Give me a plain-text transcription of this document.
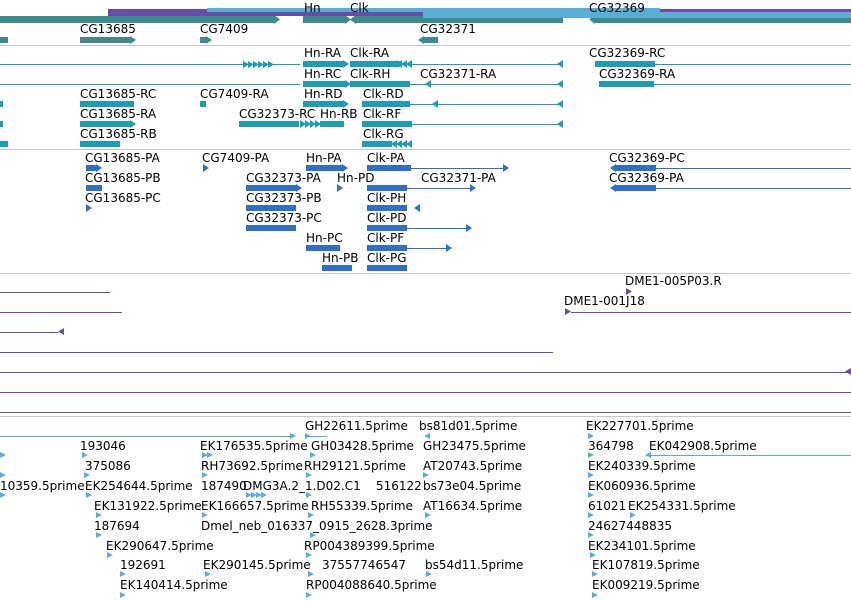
Hn Clk	CG32369
CG13685	CG7409	CG32371
Hn-RA Clk-RA	CG32369-RC
Hn-RC Clk-RH CG32371-RA	CG32369-RA
CG13685-RC	CG7409-RA	Hn-RD Clk-RD
CG13685-RA	CG32373-RC Hn-RB Clk-RF
CG13685-RB	Clk-RG
CG13685-PA	CG7409-PA	Hn-PA Clk-PA	CG32369-PC
CG13685-PB	CG32373-PA Hn-PD	CG32371-PA	CG32369-PA
CG13685-PC	CG32373-PB	Clk-PH
CG32373-PC	Clk-PD
Hn-PC Clk-PF
Hn-PB Clk-PG
DME1-005P03.R
DME1-001J18
GH22611.5prime bs81d01.5prime	EK227701.5prime
193046	EK176535.5prime GH03428.5prime GH23475.5prime	364798 EK042908.5prime
375086	RH73692.5prime RH29121.5prime AT20743.5prime	EK240339.5prime
10359.5prime EK254644.5prime 187490
DMG3A.2_1.D02.C1 516122 bs73e04.5prime	EK060936.5prime
EK131922.5prime EK166657.5prime RH55339.5prime AT16634.5prime	61021 EK254331.5prime
187694	Dmel_neb_016337_0915_2628.3prime	24627448835
EK290647.5prime	RP004389399.5prime	EK234101.5prime
192691	EK290145.5prime 37557746547 bs54d11.5prime	EK107819.5prime
EK140414.5prime	RP004088640.5prime	EK009219.5prime
